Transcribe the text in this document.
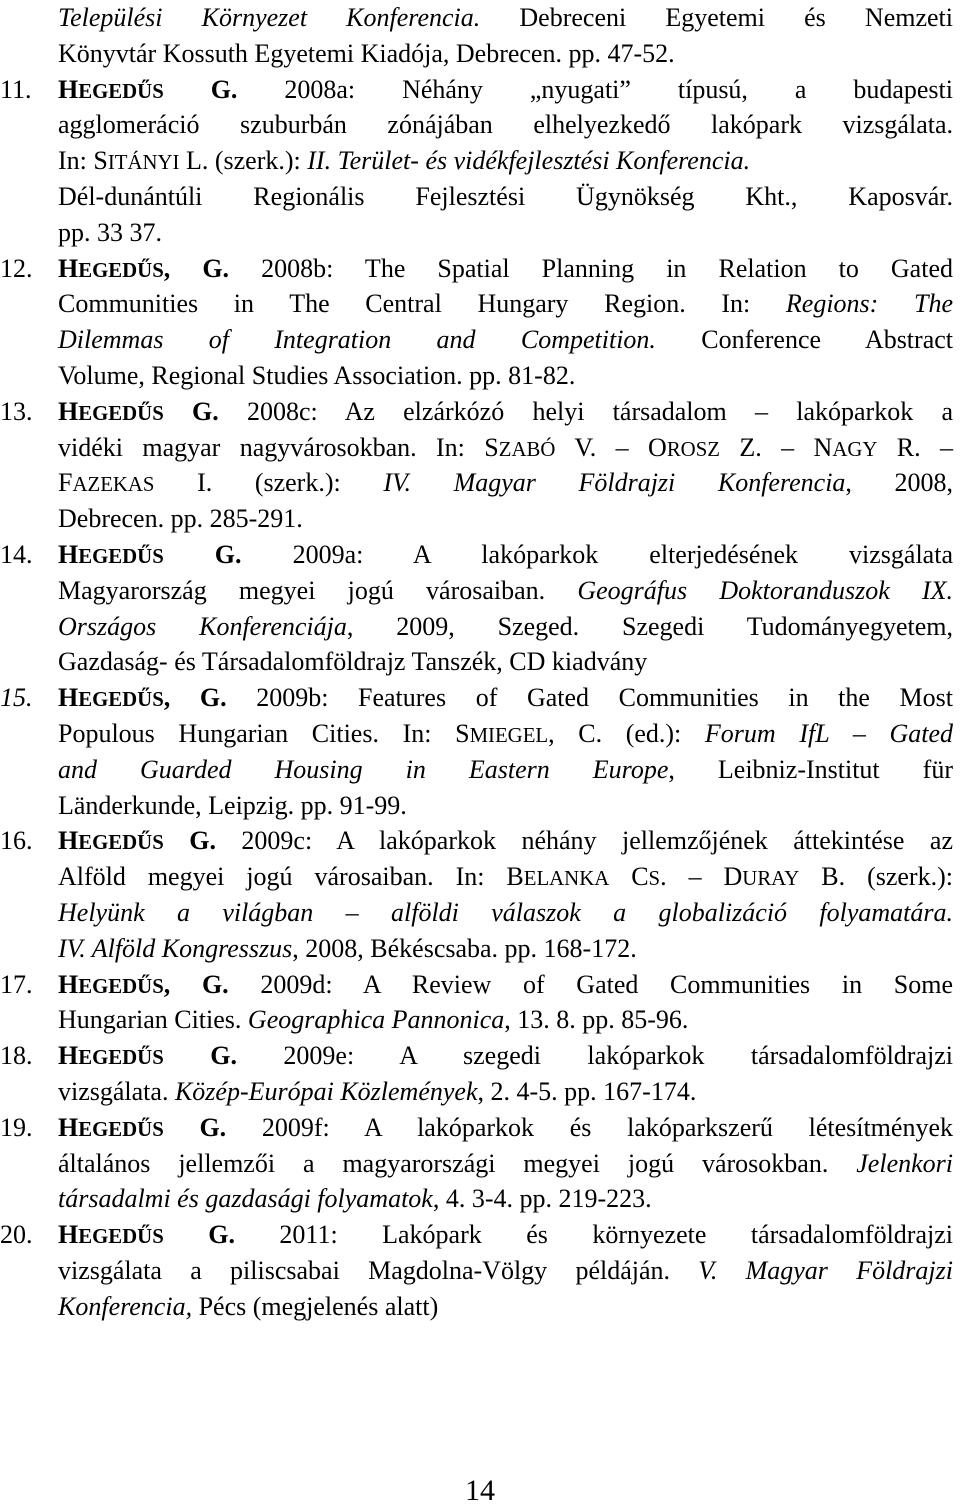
Települési Környezet Konferencia. Debreceni Egyetemi és Nemzeti
Könyvtár Kossuth Egyetemi Kiadója, Debrecen. pp. 47-52.
11. HEGEDŰS G. 2008a: Néhány „nyugati” típusú, a budapesti
agglomeráció szuburbán zónájában elhelyezkedő lakópark vizsgálata.
In: SITÁNYI L. (szerk.): II. Terület- és vidékfejlesztési Konferencia.
Dél-dunántúli Regionális Fejlesztési Ügynökség Kht., Kaposvár.
pp. 33 37.
12. HEGEDŰS, G. 2008b: The Spatial Planning in Relation to Gated
Communities in The Central Hungary Region. In: Regions: The
Dilemmas of Integration and Competition. Conference Abstract
Volume, Regional Studies Association. pp. 81-82.
13. HEGEDŰS G. 2008c: Az elzárkózó helyi társadalom – lakóparkok a
vidéki magyar nagyvárosokban. In: SZABÓ V. – OROSZ Z. – NAGY R. –
FAZEKAS I. (szerk.): IV. Magyar Földrajzi Konferencia, 2008,
Debrecen. pp. 285-291.
14. HEGEDŰS G. 2009a: A lakóparkok elterjedésének vizsgálata
Magyarország megyei jogú városaiban. Geográfus Doktoranduszok IX.
Országos Konferenciája, 2009, Szeged. Szegedi Tudományegyetem,
Gazdaság- és Társadalomföldrajz Tanszék, CD kiadvány
15. HEGEDŰS, G. 2009b: Features of Gated Communities in the Most
Populous Hungarian Cities. In: SMIEGEL, C. (ed.): Forum IfL – Gated
and Guarded Housing in Eastern Europe, Leibniz-Institut für
Länderkunde, Leipzig. pp. 91-99.
16. HEGEDŰS G. 2009c: A lakóparkok néhány jellemzőjének áttekintése az
Alföld megyei jogú városaiban. In: BELANKA CS. – DURAY B. (szerk.):
Helyünk a világban – alföldi válaszok a globalizáció folyamatára.
IV. Alföld Kongresszus, 2008, Békéscsaba. pp. 168-172.
17. HEGEDŰS, G. 2009d: A Review of Gated Communities in Some
Hungarian Cities. Geographica Pannonica, 13. 8. pp. 85-96.
18. HEGEDŰS G. 2009e: A szegedi lakóparkok társadalomföldrajzi
vizsgálata. Közép-Európai Közlemények, 2. 4-5. pp. 167-174.
19. HEGEDŰS G. 2009f: A lakóparkok és lakóparkszerű létesítmények
általános jellemzői a magyarországi megyei jogú városokban. Jelenkori
társadalmi és gazdasági folyamatok, 4. 3-4. pp. 219-223.
20. HEGEDŰS G. 2011: Lakópark és környezete társadalomföldrajzi
vizsgálata a piliscsabai Magdolna-Völgy példáján. V. Magyar Földrajzi
Konferencia, Pécs (megjelenés alatt)
14
